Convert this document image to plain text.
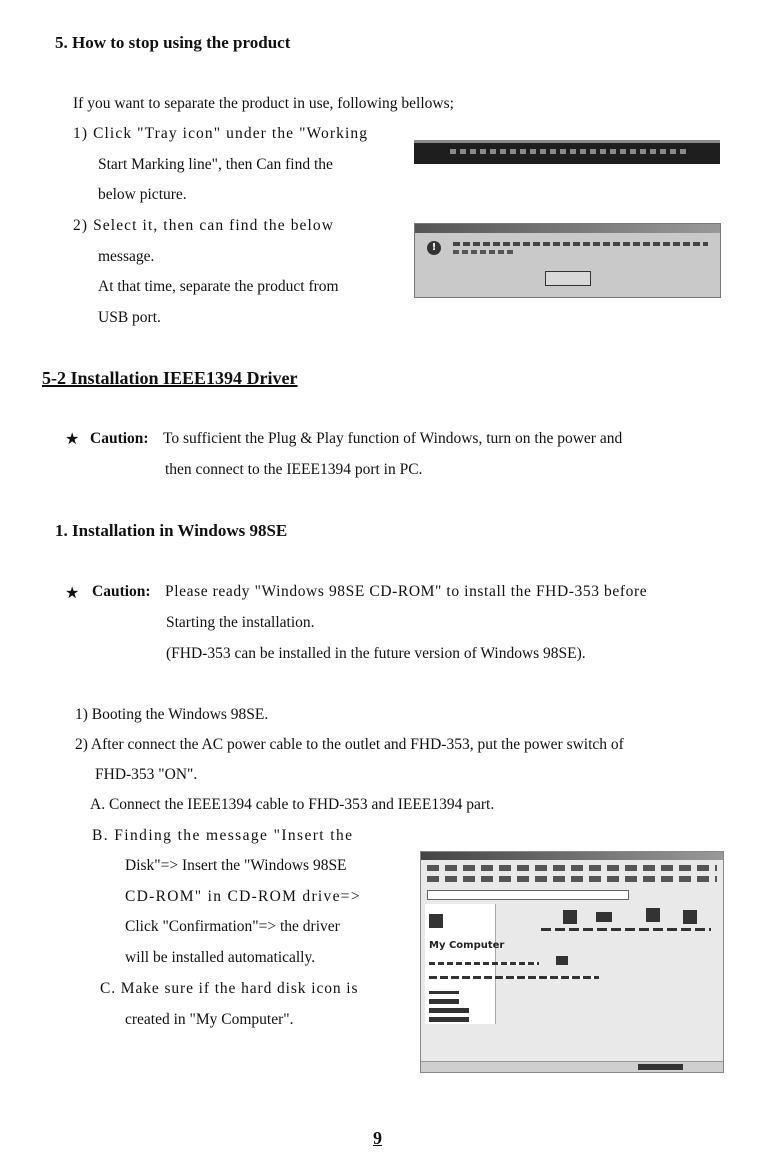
5. How to stop using the product
If you want to separate the product in use, following bellows;
1) Click "Tray icon" under the "Working
Start Marking line", then Can find the
below picture.
2) Select it, then can find the below
message.
At that time, separate the product from
USB port.
!
5-2 Installation IEEE1394 Driver
★ Caution: To sufficient the Plug & Play function of Windows, turn on the power and
then connect to the IEEE1394 port in PC.
1. Installation in Windows 98SE
★ Caution: Please ready "Windows 98SE CD-ROM" to install the FHD-353 before
Starting the installation.
(FHD-353 can be installed in the future version of Windows 98SE).
1) Booting the Windows 98SE.
2) After connect the AC power cable to the outlet and FHD-353, put the power switch of
FHD-353 "ON".
A. Connect the IEEE1394 cable to FHD-353 and IEEE1394 part.
B. Finding the message "Insert the
Disk"=> Insert the "Windows 98SE
CD-ROM" in CD-ROM drive=>
Click "Confirmation"=> the driver
will be installed automatically.
C. Make sure if the hard disk icon is
created in "My Computer".
My Computer
9
